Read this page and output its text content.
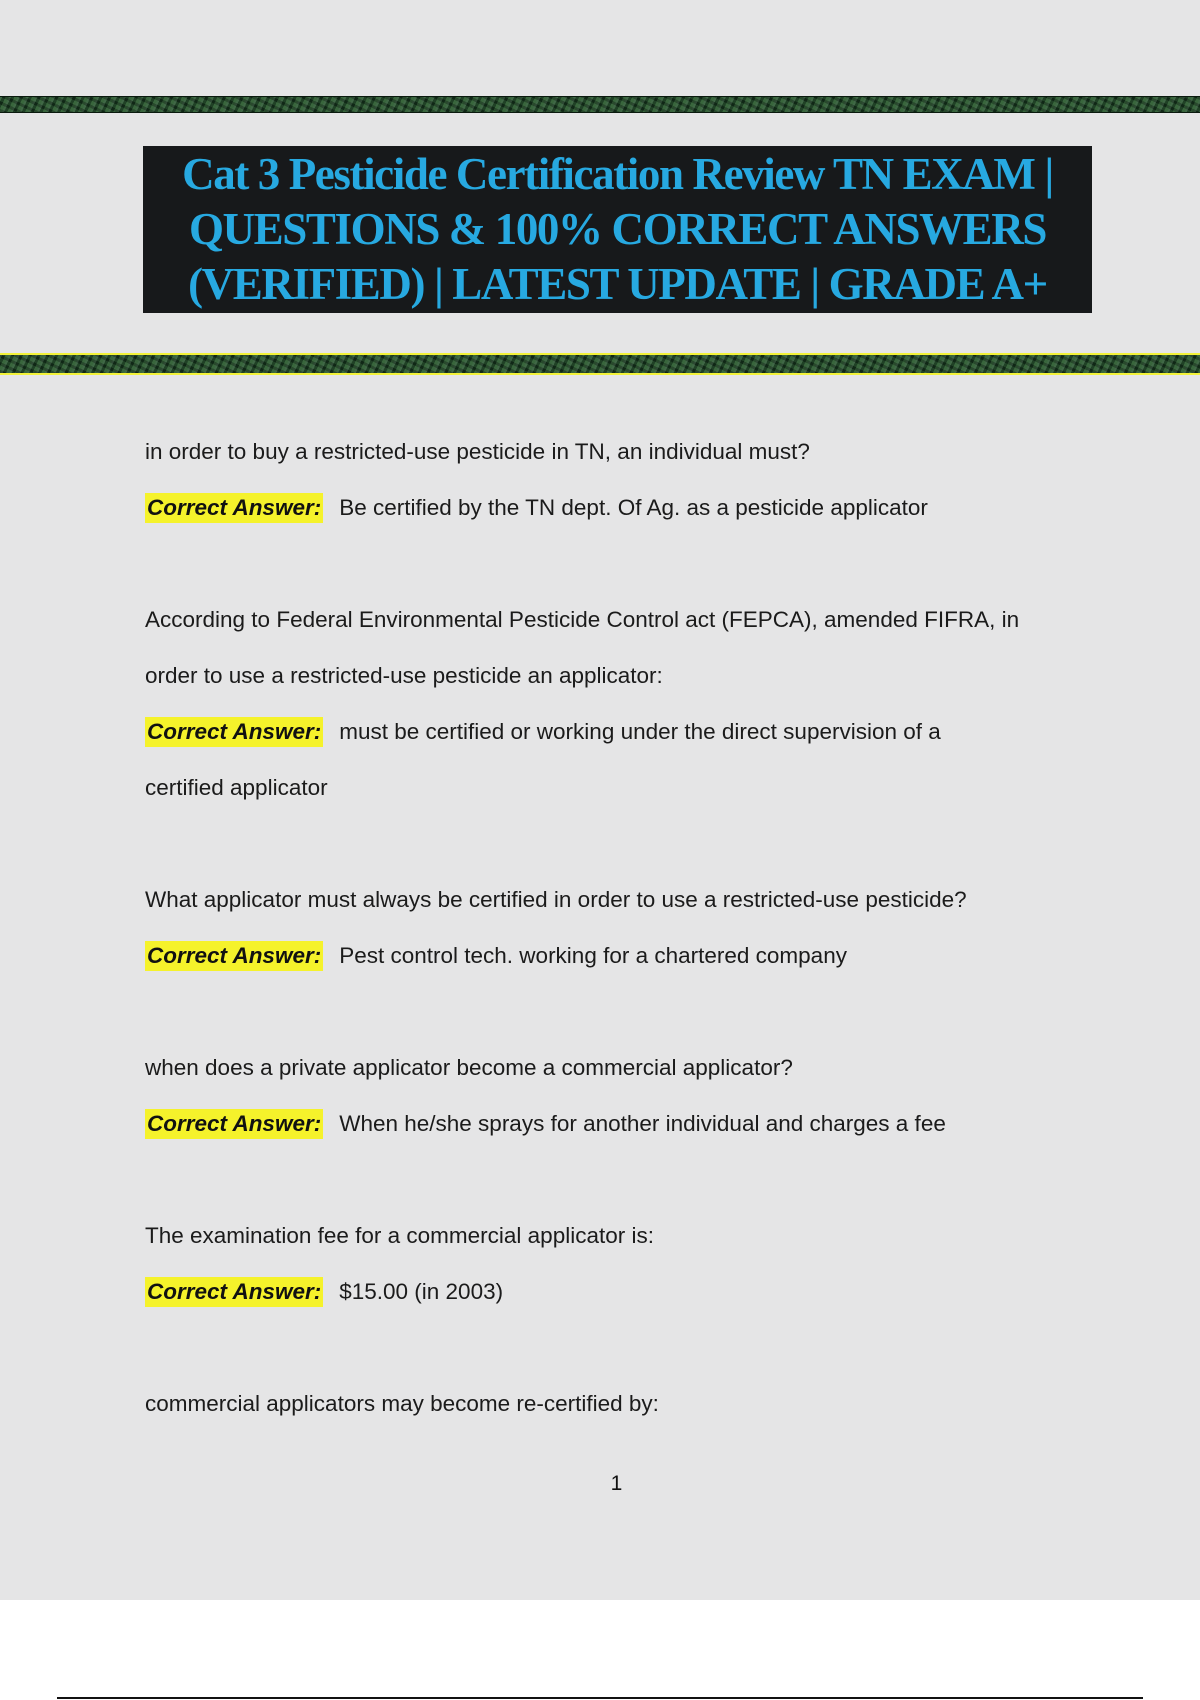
Cat 3 Pesticide Certification Review TN EXAM | QUESTIONS & 100% CORRECT ANSWERS (VERIFIED) | LATEST UPDATE | GRADE A+

in order to buy a restricted-use pesticide in TN, an individual must?

Correct Answer: Be certified by the TN dept. Of Ag. as a pesticide applicator

According to Federal Environmental Pesticide Control act (FEPCA), amended FIFRA, in

order to use a restricted-use pesticide an applicator:

Correct Answer: must be certified or working under the direct supervision of a

certified applicator

What applicator must always be certified in order to use a restricted-use pesticide?

Correct Answer: Pest control tech. working for a chartered company

when does a private applicator become a commercial applicator?

Correct Answer: When he/she sprays for another individual and charges a fee

The examination fee for a commercial applicator is:

Correct Answer: $15.00 (in 2003)

commercial applicators may become re-certified by:

1
